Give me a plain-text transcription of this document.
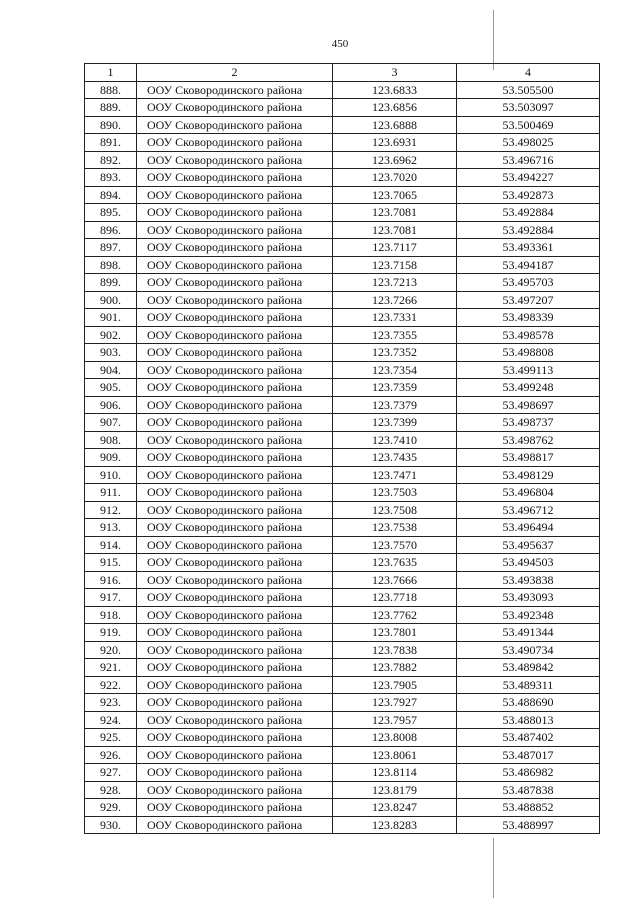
450
1	2	3	4
888.	ООУ Сковородинского района	123.6833	53.505500
889.	ООУ Сковородинского района	123.6856	53.503097
890.	ООУ Сковородинского района	123.6888	53.500469
891.	ООУ Сковородинского района	123.6931	53.498025
892.	ООУ Сковородинского района	123.6962	53.496716
893.	ООУ Сковородинского района	123.7020	53.494227
894.	ООУ Сковородинского района	123.7065	53.492873
895.	ООУ Сковородинского района	123.7081	53.492884
896.	ООУ Сковородинского района	123.7081	53.492884
897.	ООУ Сковородинского района	123.7117	53.493361
898.	ООУ Сковородинского района	123.7158	53.494187
899.	ООУ Сковородинского района	123.7213	53.495703
900.	ООУ Сковородинского района	123.7266	53.497207
901.	ООУ Сковородинского района	123.7331	53.498339
902.	ООУ Сковородинского района	123.7355	53.498578
903.	ООУ Сковородинского района	123.7352	53.498808
904.	ООУ Сковородинского района	123.7354	53.499113
905.	ООУ Сковородинского района	123.7359	53.499248
906.	ООУ Сковородинского района	123.7379	53.498697
907.	ООУ Сковородинского района	123.7399	53.498737
908.	ООУ Сковородинского района	123.7410	53.498762
909.	ООУ Сковородинского района	123.7435	53.498817
910.	ООУ Сковородинского района	123.7471	53.498129
911.	ООУ Сковородинского района	123.7503	53.496804
912.	ООУ Сковородинского района	123.7508	53.496712
913.	ООУ Сковородинского района	123.7538	53.496494
914.	ООУ Сковородинского района	123.7570	53.495637
915.	ООУ Сковородинского района	123.7635	53.494503
916.	ООУ Сковородинского района	123.7666	53.493838
917.	ООУ Сковородинского района	123.7718	53.493093
918.	ООУ Сковородинского района	123.7762	53.492348
919.	ООУ Сковородинского района	123.7801	53.491344
920.	ООУ Сковородинского района	123.7838	53.490734
921.	ООУ Сковородинского района	123.7882	53.489842
922.	ООУ Сковородинского района	123.7905	53.489311
923.	ООУ Сковородинского района	123.7927	53.488690
924.	ООУ Сковородинского района	123.7957	53.488013
925.	ООУ Сковородинского района	123.8008	53.487402
926.	ООУ Сковородинского района	123.8061	53.487017
927.	ООУ Сковородинского района	123.8114	53.486982
928.	ООУ Сковородинского района	123.8179	53.487838
929.	ООУ Сковородинского района	123.8247	53.488852
930.	ООУ Сковородинского района	123.8283	53.488997
